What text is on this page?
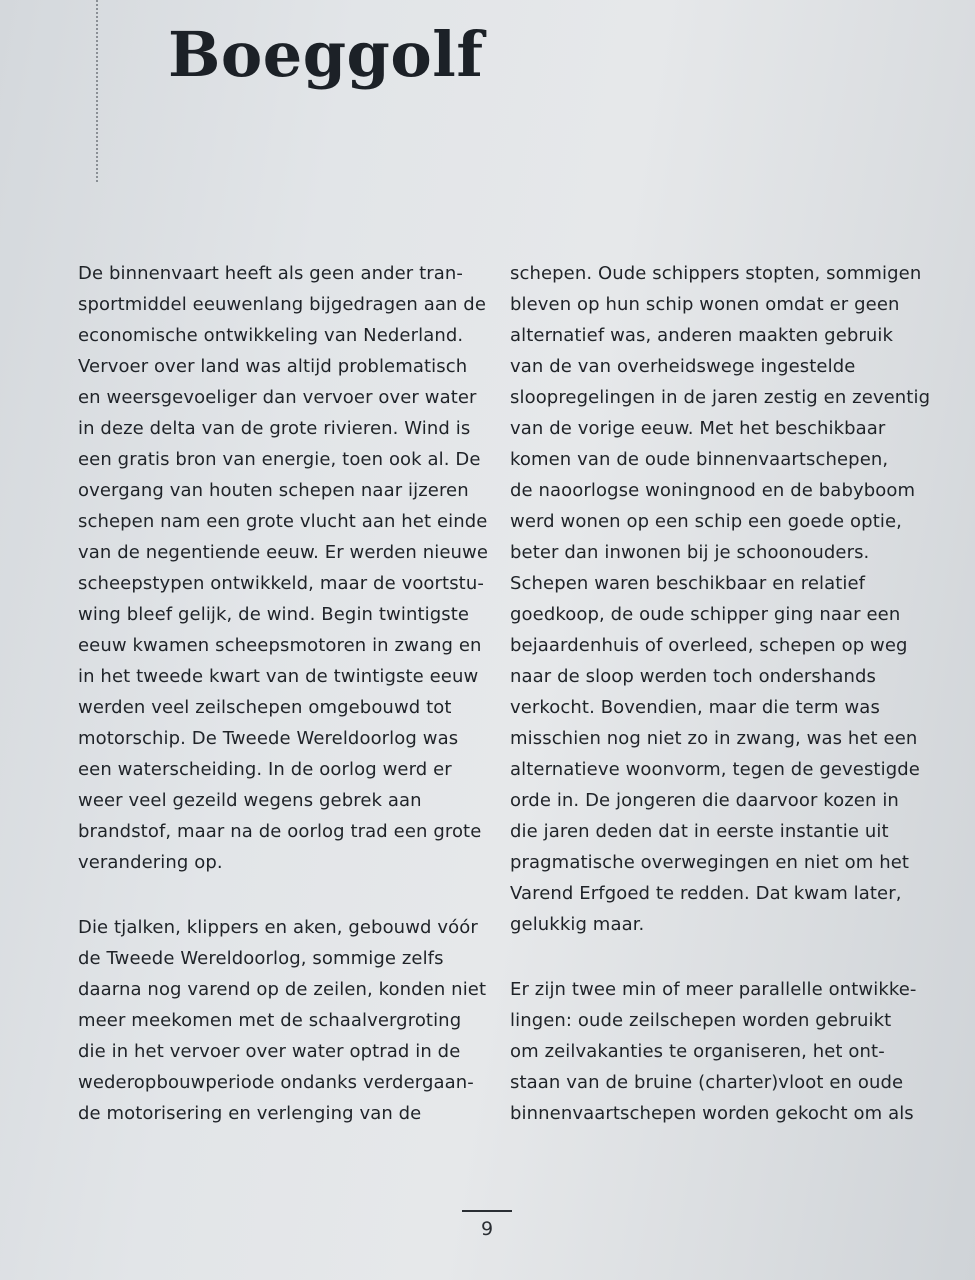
Boeggolf
De binnenvaart heeft als geen ander tran-
sportmiddel eeuwenlang bijgedragen aan de
economische ontwikkeling van Nederland.
Vervoer over land was altijd problematisch
en weersgevoeliger dan vervoer over water
in deze delta van de grote rivieren. Wind is
een gratis bron van energie, toen ook al. De
overgang van houten schepen naar ijzeren
schepen nam een grote vlucht aan het einde
van de negentiende eeuw. Er werden nieuwe
scheepstypen ontwikkeld, maar de voortstu-
wing bleef gelijk, de wind. Begin twintigste
eeuw kwamen scheepsmotoren in zwang en
in het tweede kwart van de twintigste eeuw
werden veel zeilschepen omgebouwd tot
motorschip. De Tweede Wereldoorlog was
een waterscheiding. In de oorlog werd er
weer veel gezeild wegens gebrek aan
brandstof, maar na de oorlog trad een grote
verandering op.
Die tjalken, klippers en aken, gebouwd vóór
de Tweede Wereldoorlog, sommige zelfs
daarna nog varend op de zeilen, konden niet
meer meekomen met de schaalvergroting
die in het vervoer over water optrad in de
wederopbouwperiode ondanks verdergaan-
de motorisering en verlenging van de
schepen. Oude schippers stopten, sommigen
bleven op hun schip wonen omdat er geen
alternatief was, anderen maakten gebruik
van de van overheidswege ingestelde
sloopregelingen in de jaren zestig en zeventig
van de vorige eeuw. Met het beschikbaar
komen van de oude binnenvaartschepen,
de naoorlogse woningnood en de babyboom
werd wonen op een schip een goede optie,
beter dan inwonen bij je schoonouders.
Schepen waren beschikbaar en relatief
goedkoop, de oude schipper ging naar een
bejaardenhuis of overleed, schepen op weg
naar de sloop werden toch ondershands
verkocht. Bovendien, maar die term was
misschien nog niet zo in zwang, was het een
alternatieve woonvorm, tegen de gevestigde
orde in. De jongeren die daarvoor kozen in
die jaren deden dat in eerste instantie uit
pragmatische overwegingen en niet om het
Varend Erfgoed te redden. Dat kwam later,
gelukkig maar.
Er zijn twee min of meer parallelle ontwikke-
lingen: oude zeilschepen worden gebruikt
om zeilvakanties te organiseren, het ont-
staan van de bruine (charter)vloot en oude
binnenvaartschepen worden gekocht om als
9
